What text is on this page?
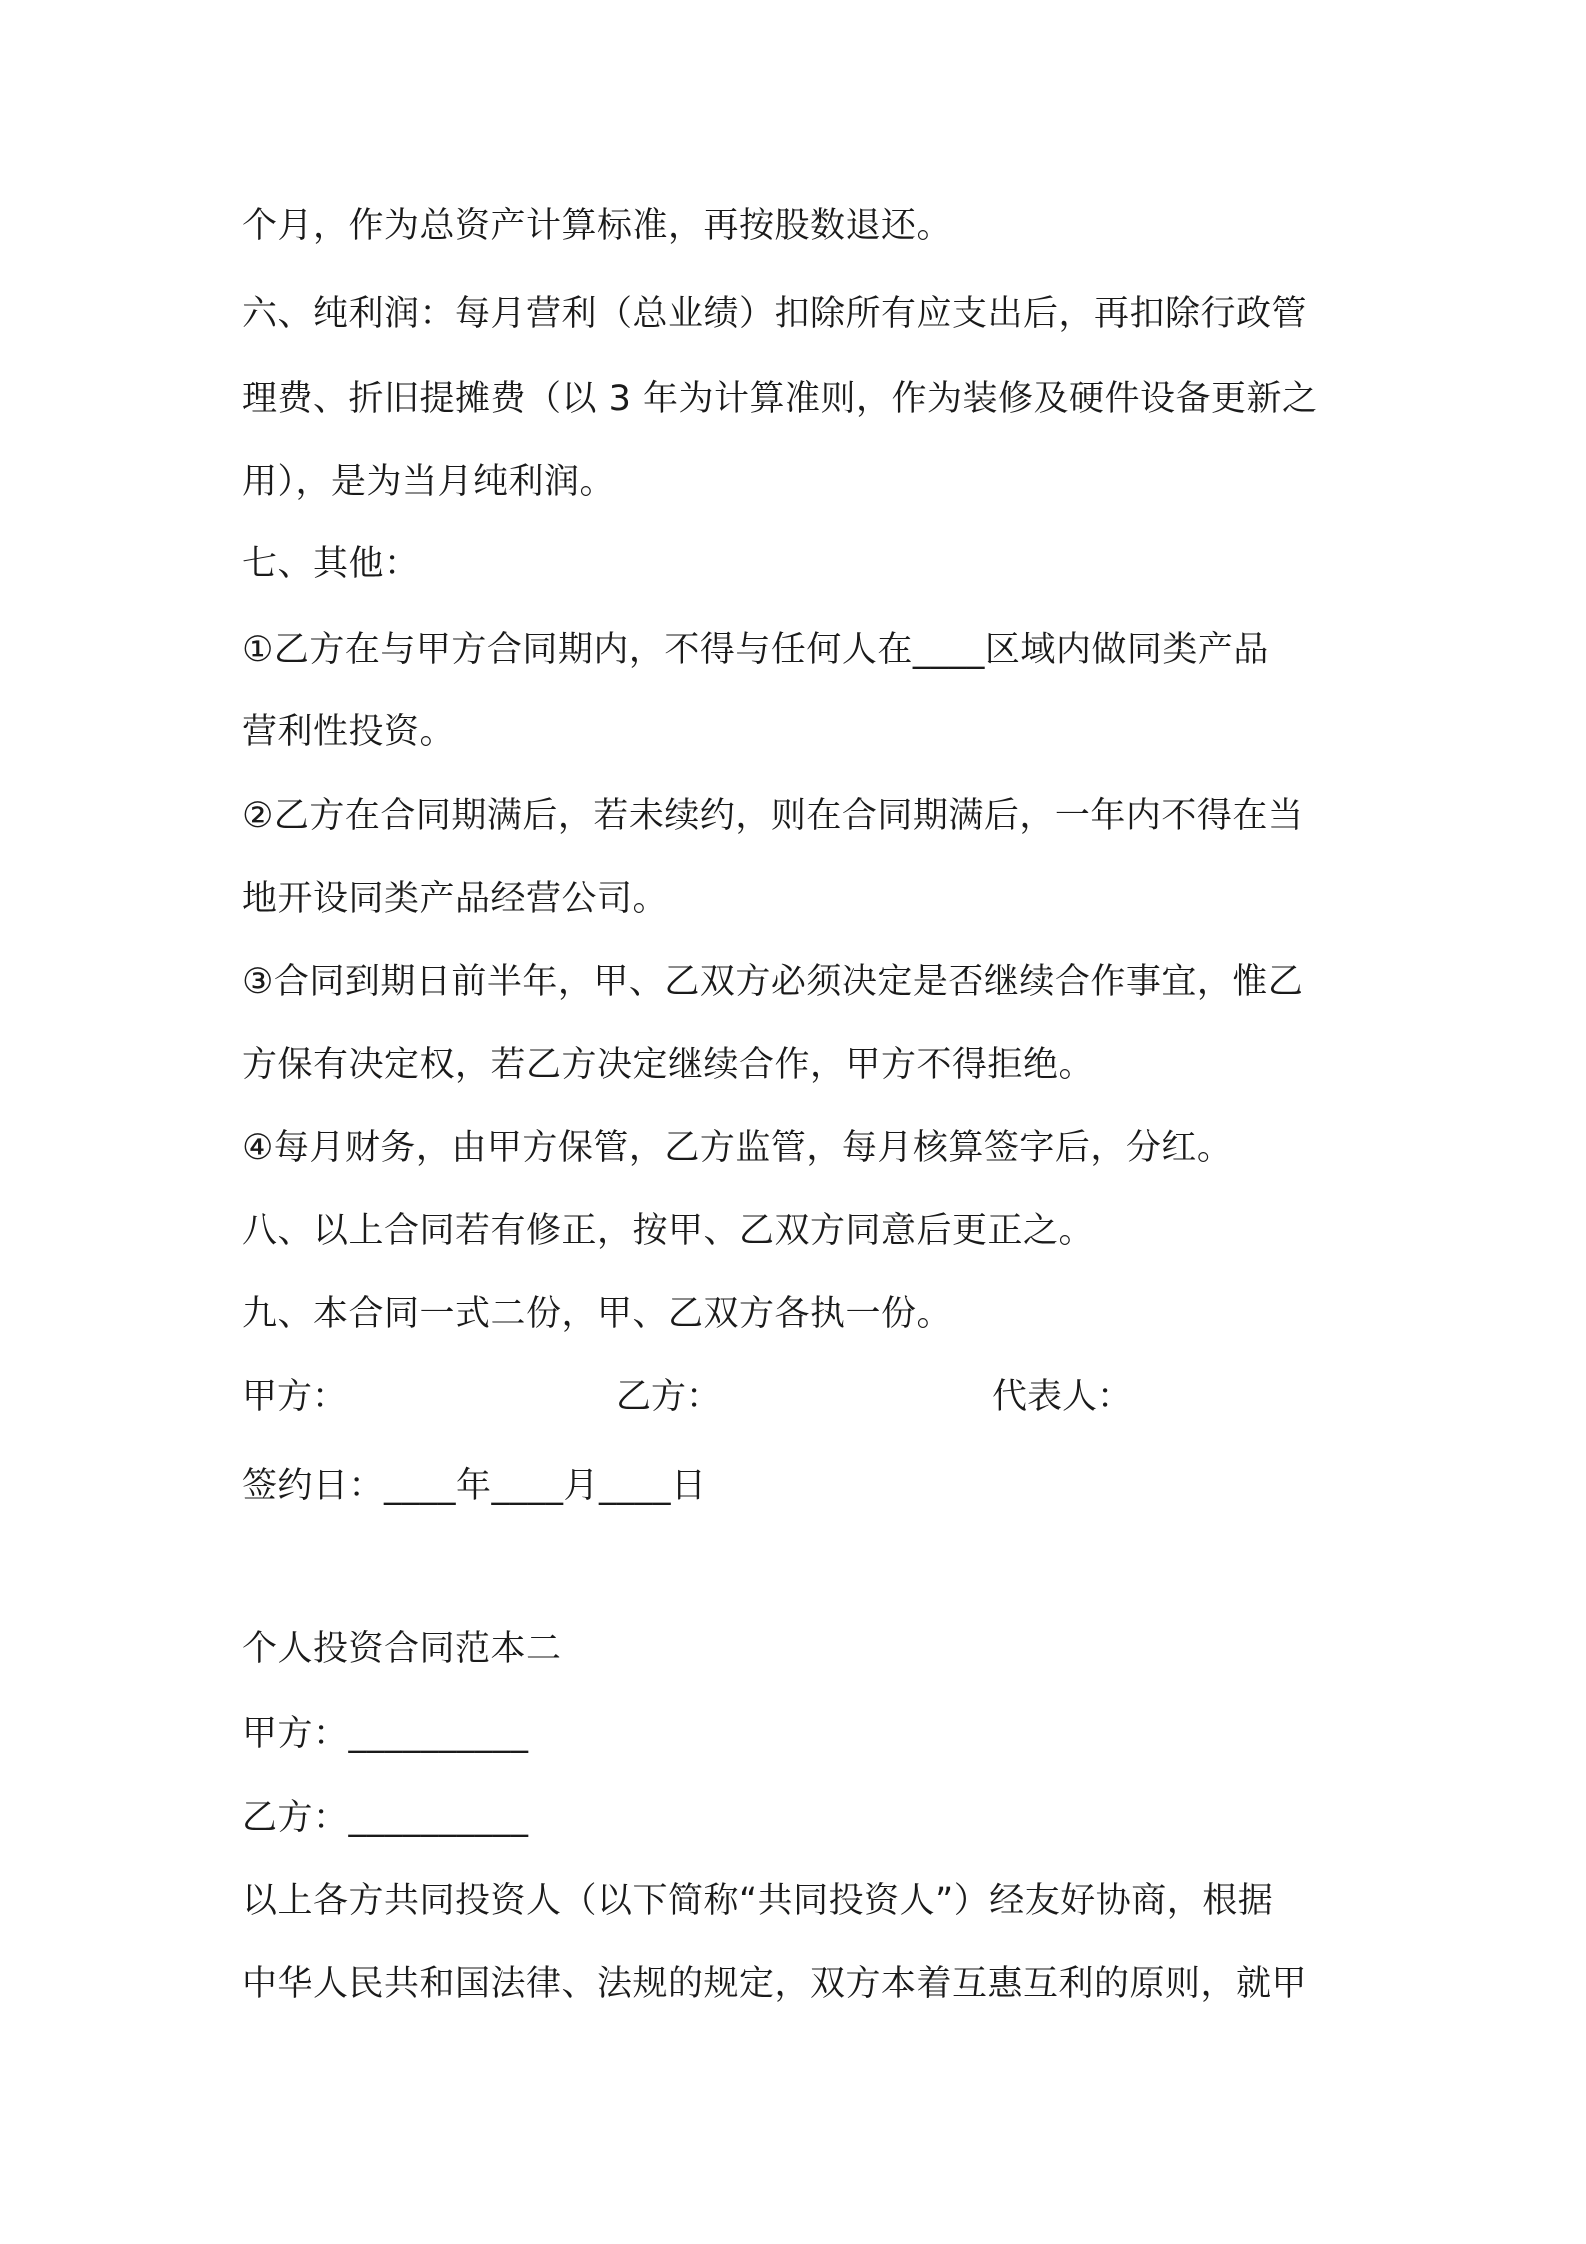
个月，作为总资产计算标准，再按股数退还。
六、纯利润：每月营利（总业绩）扣除所有应支出后，再扣除行政管
理费、折旧提摊费（以 3 年为计算准则，作为装修及硬件设备更新之
用），是为当月纯利润。
七、其他：
①乙方在与甲方合同期内，不得与任何人在____区域内做同类产品
营利性投资。
②乙方在合同期满后，若未续约，则在合同期满后，一年内不得在当
地开设同类产品经营公司。
③合同到期日前半年，甲、乙双方必须决定是否继续合作事宜，惟乙
方保有决定权，若乙方决定继续合作，甲方不得拒绝。
④每月财务，由甲方保管，乙方监管，每月核算签字后，分红。
八、以上合同若有修正，按甲、乙双方同意后更正之。
九、本合同一式二份，甲、乙双方各执一份。
甲方：	乙方：	代表人：
签约日：____年____月____日
个人投资合同范本二
甲方：__________
乙方：__________
以上各方共同投资人（以下简称“共同投资人”）经友好协商，根据
中华人民共和国法律、法规的规定，双方本着互惠互利的原则，就甲
